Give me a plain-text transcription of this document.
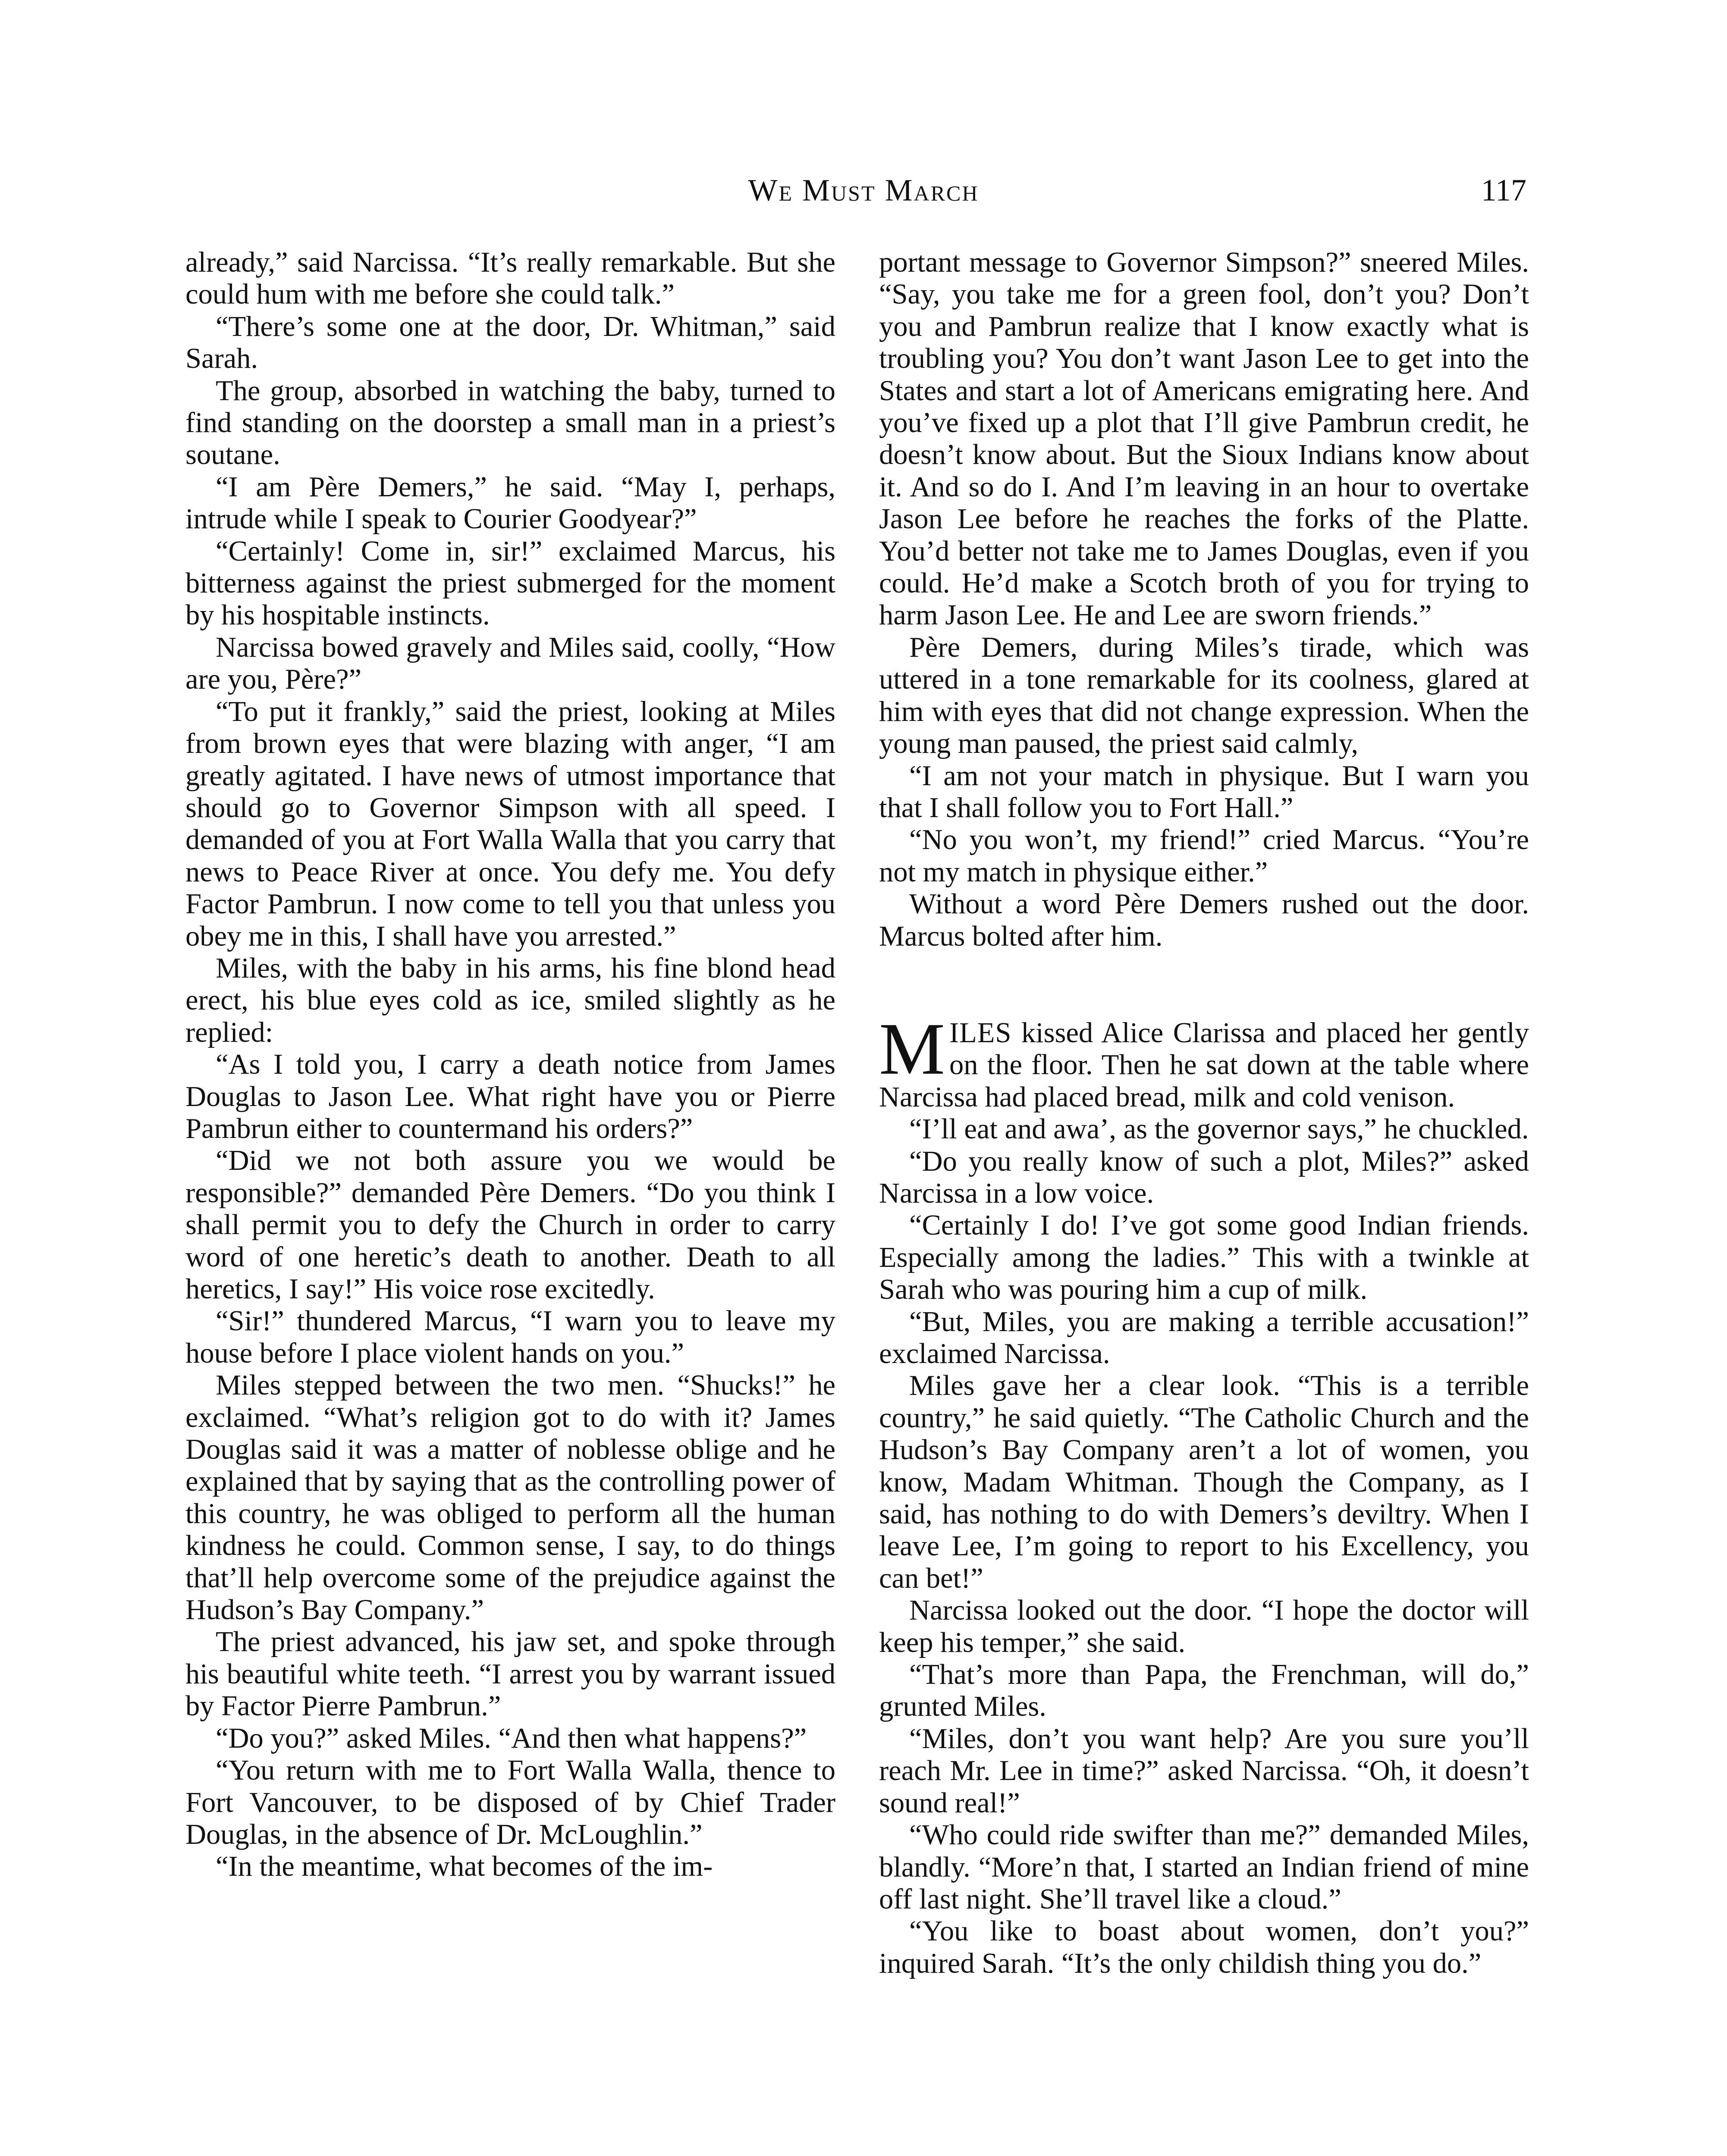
We Must March	117

already,” said Narcissa. “It’s really remarkable. But she could hum with me before she could talk.”

“There’s some one at the door, Dr. Whitman,” said Sarah.

The group, absorbed in watching the baby, turned to find standing on the doorstep a small man in a priest’s soutane.

“I am Père Demers,” he said. “May I, perhaps, intrude while I speak to Courier Goodyear?”

“Certainly! Come in, sir!” exclaimed Marcus, his bitterness against the priest submerged for the moment by his hospitable instincts.

Narcissa bowed gravely and Miles said, coolly, “How are you, Père?”

“To put it frankly,” said the priest, looking at Miles from brown eyes that were blazing with anger, “I am greatly agitated. I have news of utmost importance that should go to Governor Simpson with all speed. I demanded of you at Fort Walla Walla that you carry that news to Peace River at once. You defy me. You defy Factor Pambrun. I now come to tell you that unless you obey me in this, I shall have you arrested.”

Miles, with the baby in his arms, his fine blond head erect, his blue eyes cold as ice, smiled slightly as he replied:

“As I told you, I carry a death notice from James Douglas to Jason Lee. What right have you or Pierre Pambrun either to countermand his orders?”

“Did we not both assure you we would be responsible?” demanded Père Demers. “Do you think I shall permit you to defy the Church in order to carry word of one heretic’s death to another. Death to all heretics, I say!” His voice rose excitedly.

“Sir!” thundered Marcus, “I warn you to leave my house before I place violent hands on you.”

Miles stepped between the two men. “Shucks!” he exclaimed. “What’s religion got to do with it? James Douglas said it was a matter of noblesse oblige and he explained that by saying that as the controlling power of this country, he was obliged to perform all the human kindness he could. Common sense, I say, to do things that’ll help overcome some of the prejudice against the Hudson’s Bay Company.”

The priest advanced, his jaw set, and spoke through his beautiful white teeth. “I arrest you by warrant issued by Factor Pierre Pambrun.”

“Do you?” asked Miles. “And then what happens?”

“You return with me to Fort Walla Walla, thence to Fort Vancouver, to be disposed of by Chief Trader Douglas, in the absence of Dr. McLoughlin.”

“In the meantime, what becomes of the im-

portant message to Governor Simpson?” sneered Miles. “Say, you take me for a green fool, don’t you? Don’t you and Pambrun realize that I know exactly what is troubling you? You don’t want Jason Lee to get into the States and start a lot of Americans emigrating here. And you’ve fixed up a plot that I’ll give Pambrun credit, he doesn’t know about. But the Sioux Indians know about it. And so do I. And I’m leaving in an hour to overtake Jason Lee before he reaches the forks of the Platte. You’d better not take me to James Douglas, even if you could. He’d make a Scotch broth of you for trying to harm Jason Lee. He and Lee are sworn friends.”

Père Demers, during Miles’s tirade, which was uttered in a tone remarkable for its coolness, glared at him with eyes that did not change expression. When the young man paused, the priest said calmly,

“I am not your match in physique. But I warn you that I shall follow you to Fort Hall.”

“No you won’t, my friend!” cried Marcus. “You’re not my match in physique either.”

Without a word Père Demers rushed out the door. Marcus bolted after him.

MILES kissed Alice Clarissa and placed her gently on the floor. Then he sat down at the table where Narcissa had placed bread, milk and cold venison.

“I’ll eat and awa’, as the governor says,” he chuckled.

“Do you really know of such a plot, Miles?” asked Narcissa in a low voice.

“Certainly I do! I’ve got some good Indian friends. Especially among the ladies.” This with a twinkle at Sarah who was pouring him a cup of milk.

“But, Miles, you are making a terrible accusation!” exclaimed Narcissa.

Miles gave her a clear look. “This is a terrible country,” he said quietly. “The Catholic Church and the Hudson’s Bay Company aren’t a lot of women, you know, Madam Whitman. Though the Company, as I said, has nothing to do with Demers’s deviltry. When I leave Lee, I’m going to report to his Excellency, you can bet!”

Narcissa looked out the door. “I hope the doctor will keep his temper,” she said.

“That’s more than Papa, the Frenchman, will do,” grunted Miles.

“Miles, don’t you want help? Are you sure you’ll reach Mr. Lee in time?” asked Narcissa. “Oh, it doesn’t sound real!”

“Who could ride swifter than me?” demanded Miles, blandly. “More’n that, I started an Indian friend of mine off last night. She’ll travel like a cloud.”

“You like to boast about women, don’t you?” inquired Sarah. “It’s the only childish thing you do.”
